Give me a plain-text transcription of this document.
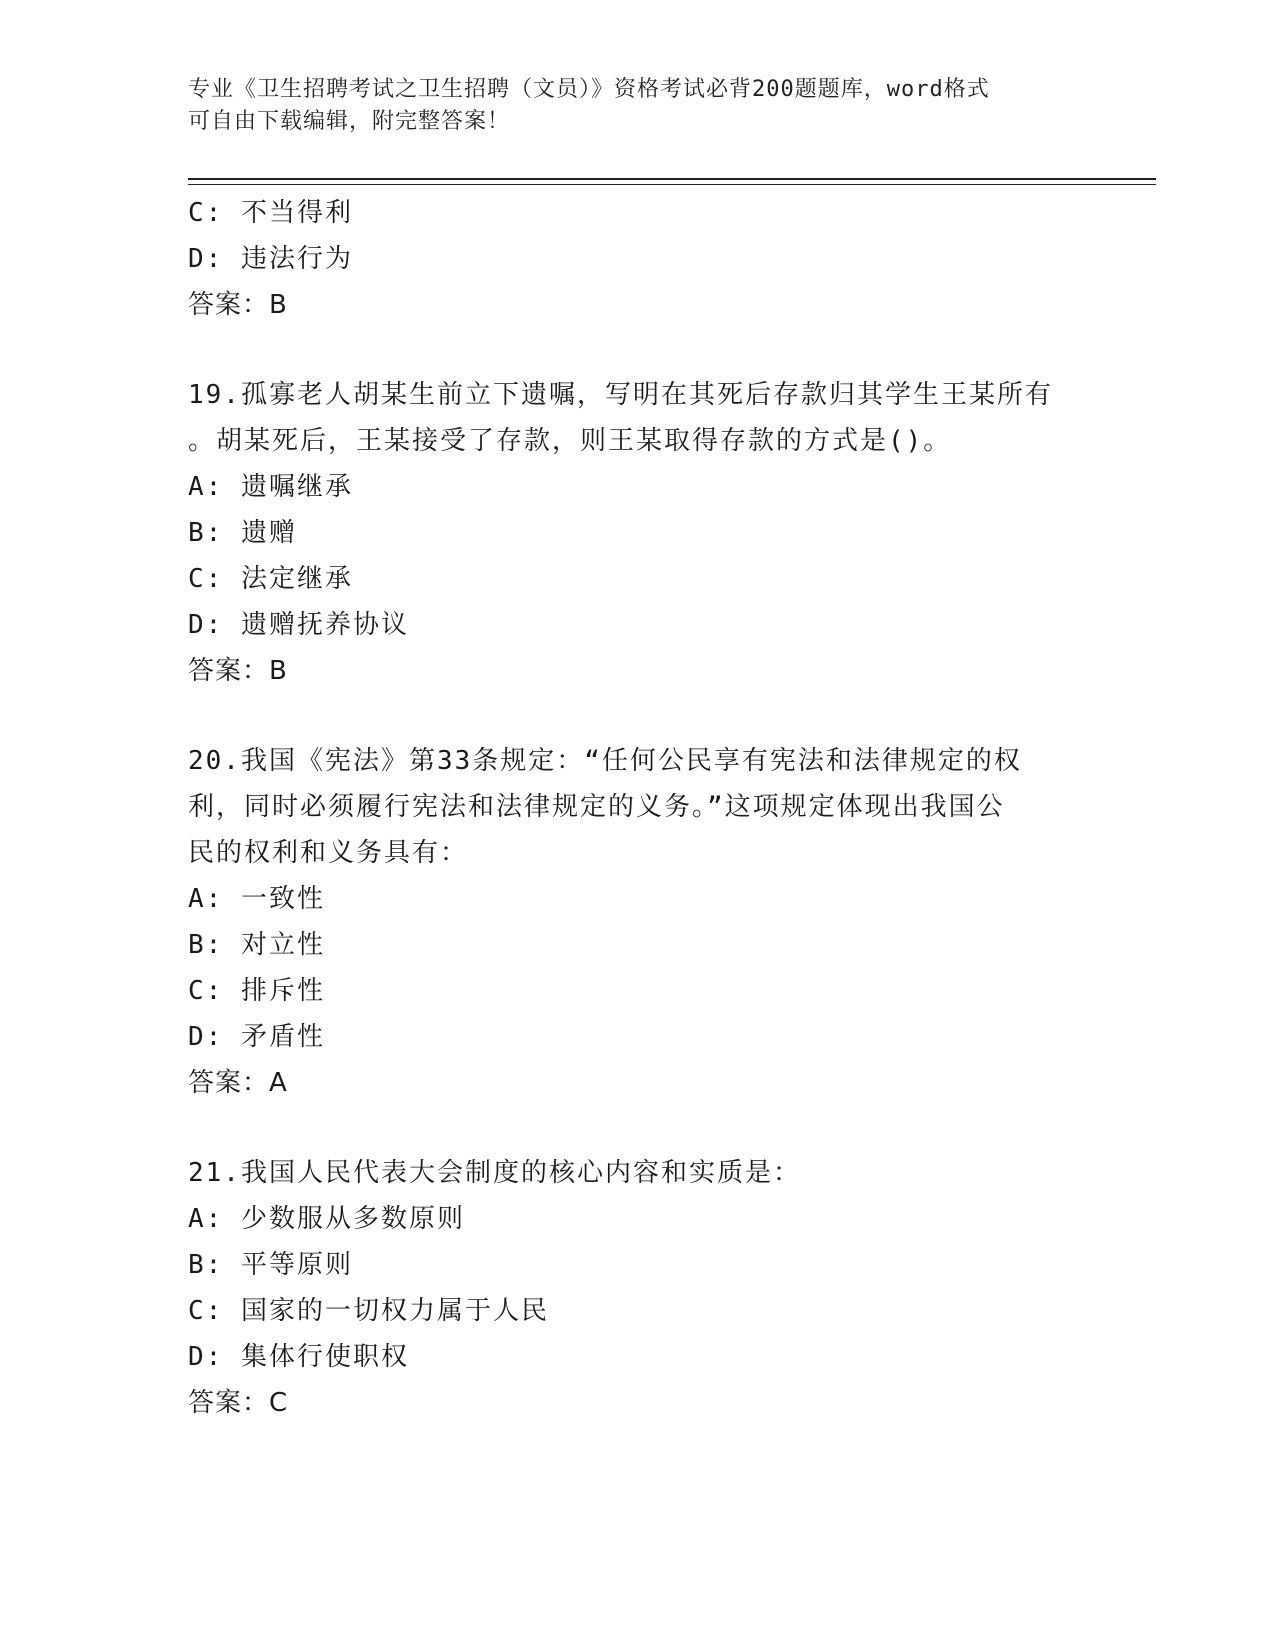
专业《卫生招聘考试之卫生招聘（文员）》资格考试必背200题题库，word格式
可自由下载编辑，附完整答案！
C: 不当得利
D: 违法行为
答案：B
19.孤寡老人胡某生前立下遗嘱，写明在其死后存款归其学生王某所有
。胡某死后，王某接受了存款，则王某取得存款的方式是()。
A: 遗嘱继承
B: 遗赠
C: 法定继承
D: 遗赠抚养协议
答案：B
20.我国《宪法》第33条规定：“任何公民享有宪法和法律规定的权
利，同时必须履行宪法和法律规定的义务。”这项规定体现出我国公
民的权利和义务具有：
A: 一致性
B: 对立性
C: 排斥性
D: 矛盾性
答案：A
21.我国人民代表大会制度的核心内容和实质是：
A: 少数服从多数原则
B: 平等原则
C: 国家的一切权力属于人民
D: 集体行使职权
答案：C
